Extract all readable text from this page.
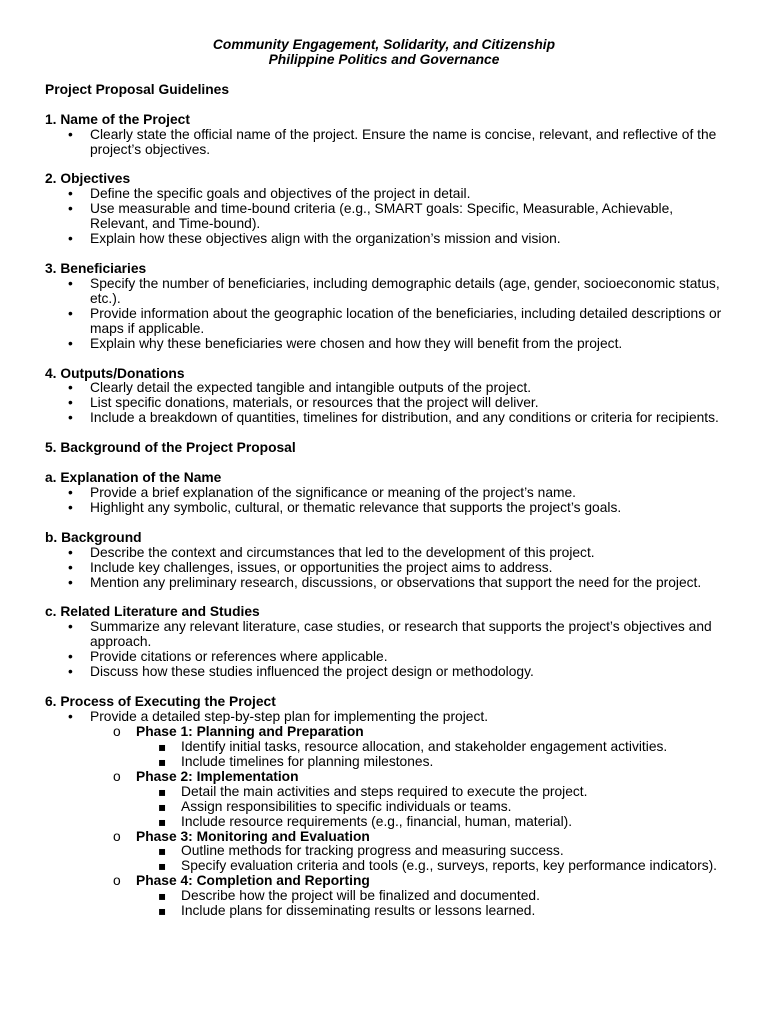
Community Engagement, Solidarity, and Citizenship
Philippine Politics and Governance
Project Proposal Guidelines
1. Name of the Project
• Clearly state the official name of the project. Ensure the name is concise, relevant, and reflective of the project’s objectives.
2. Objectives
• Define the specific goals and objectives of the project in detail.
• Use measurable and time-bound criteria (e.g., SMART goals: Specific, Measurable, Achievable, Relevant, and Time-bound).
• Explain how these objectives align with the organization’s mission and vision.
3. Beneficiaries
• Specify the number of beneficiaries, including demographic details (age, gender, socioeconomic status, etc.).
• Provide information about the geographic location of the beneficiaries, including detailed descriptions or maps if applicable.
• Explain why these beneficiaries were chosen and how they will benefit from the project.
4. Outputs/Donations
• Clearly detail the expected tangible and intangible outputs of the project.
• List specific donations, materials, or resources that the project will deliver.
• Include a breakdown of quantities, timelines for distribution, and any conditions or criteria for recipients.
5. Background of the Project Proposal
a. Explanation of the Name
• Provide a brief explanation of the significance or meaning of the project’s name.
• Highlight any symbolic, cultural, or thematic relevance that supports the project’s goals.
b. Background
• Describe the context and circumstances that led to the development of this project.
• Include key challenges, issues, or opportunities the project aims to address.
• Mention any preliminary research, discussions, or observations that support the need for the project.
c. Related Literature and Studies
• Summarize any relevant literature, case studies, or research that supports the project’s objectives and approach.
• Provide citations or references where applicable.
• Discuss how these studies influenced the project design or methodology.
6. Process of Executing the Project
• Provide a detailed step-by-step plan for implementing the project.
o Phase 1: Planning and Preparation
▪ Identify initial tasks, resource allocation, and stakeholder engagement activities.
▪ Include timelines for planning milestones.
o Phase 2: Implementation
▪ Detail the main activities and steps required to execute the project.
▪ Assign responsibilities to specific individuals or teams.
▪ Include resource requirements (e.g., financial, human, material).
o Phase 3: Monitoring and Evaluation
▪ Outline methods for tracking progress and measuring success.
▪ Specify evaluation criteria and tools (e.g., surveys, reports, key performance indicators).
o Phase 4: Completion and Reporting
▪ Describe how the project will be finalized and documented.
▪ Include plans for disseminating results or lessons learned.
